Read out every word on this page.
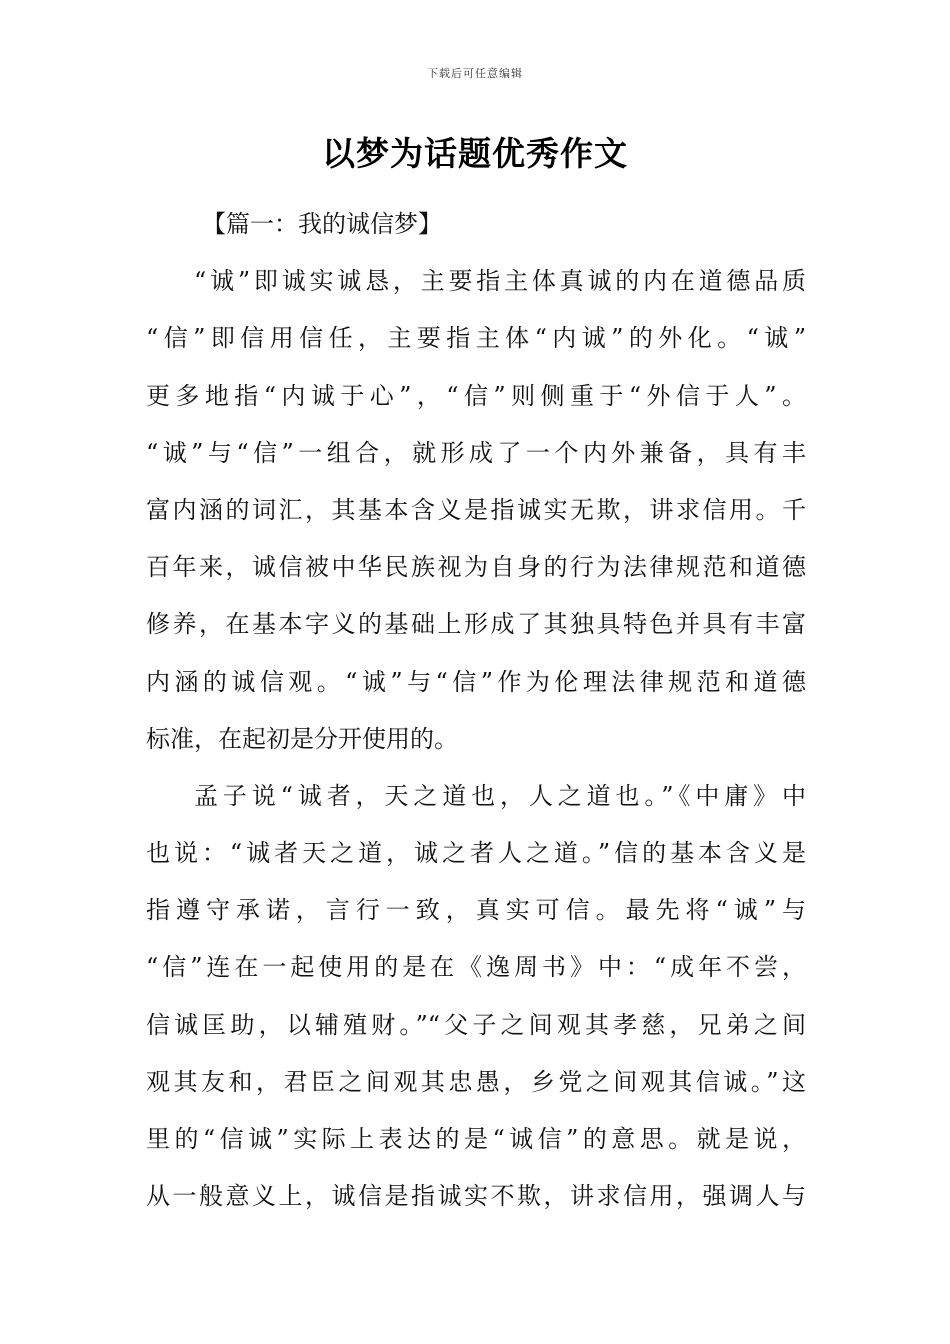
下载后可任意编辑
以梦为话题优秀作文
【篇一：我的诚信梦】
“诚”即诚实诚恳，主要指主体真诚的内在道德品质
“信”即信用信任，主要指主体“内诚”的外化。“诚”
更多地指“内诚于心”，“信”则侧重于“外信于人”。
“诚”与“信”一组合，就形成了一个内外兼备，具有丰
富内涵的词汇，其基本含义是指诚实无欺，讲求信用。千
百年来，诚信被中华民族视为自身的行为法律规范和道德
修养，在基本字义的基础上形成了其独具特色并具有丰富
内涵的诚信观。“诚”与“信”作为伦理法律规范和道德
标准，在起初是分开使用的。
孟子说“诚者，天之道也，人之道也。”《中庸》中
也说：“诚者天之道，诚之者人之道。”信的基本含义是
指遵守承诺，言行一致，真实可信。最先将“诚”与
“信”连在一起使用的是在《逸周书》中：“成年不尝，
信诚匡助，以辅殖财。”“父子之间观其孝慈，兄弟之间
观其友和，君臣之间观其忠愚，乡党之间观其信诚。”这
里的“信诚”实际上表达的是“诚信”的意思。就是说，
从一般意义上，诚信是指诚实不欺，讲求信用，强调人与
